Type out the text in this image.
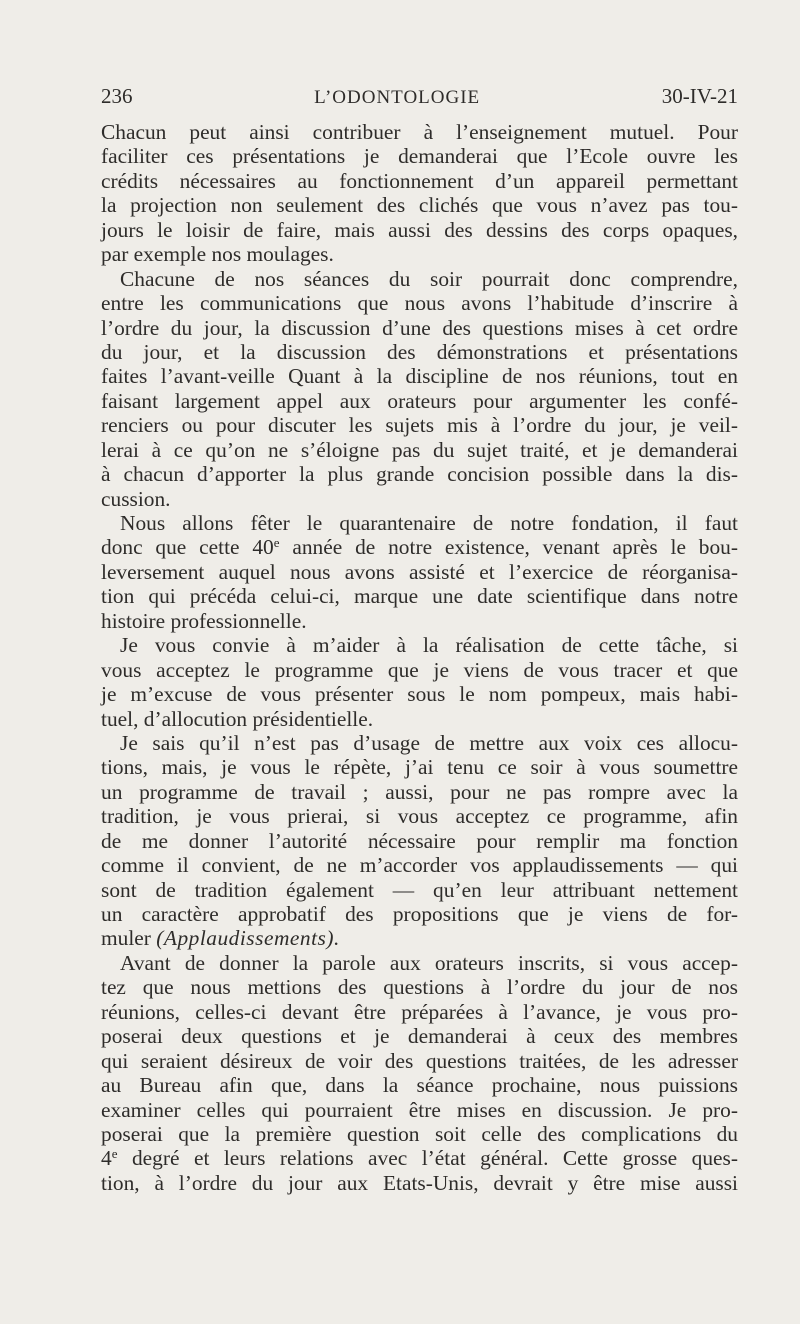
236	L’ODONTOLOGIE	30-IV-21
Chacun peut ainsi contribuer à l’enseignement mutuel. Pour
faciliter ces présentations je demanderai que l’Ecole ouvre les
crédits nécessaires au fonctionnement d’un appareil permettant
la projection non seulement des clichés que vous n’avez pas tou-
jours le loisir de faire, mais aussi des dessins des corps opaques,
par exemple nos moulages.
Chacune de nos séances du soir pourrait donc comprendre,
entre les communications que nous avons l’habitude d’inscrire à
l’ordre du jour, la discussion d’une des questions mises à cet ordre
du jour, et la discussion des démonstrations et présentations
faites l’avant-veille Quant à la discipline de nos réunions, tout en
faisant largement appel aux orateurs pour argumenter les confé-
renciers ou pour discuter les sujets mis à l’ordre du jour, je veil-
lerai à ce qu’on ne s’éloigne pas du sujet traité, et je demanderai
à chacun d’apporter la plus grande concision possible dans la dis-
cussion.
Nous allons fêter le quarantenaire de notre fondation, il faut
donc que cette 40e année de notre existence, venant après le bou-
leversement auquel nous avons assisté et l’exercice de réorganisa-
tion qui précéda celui-ci, marque une date scientifique dans notre
histoire professionnelle.
Je vous convie à m’aider à la réalisation de cette tâche, si
vous acceptez le programme que je viens de vous tracer et que
je m’excuse de vous présenter sous le nom pompeux, mais habi-
tuel, d’allocution présidentielle.
Je sais qu’il n’est pas d’usage de mettre aux voix ces allocu-
tions, mais, je vous le répète, j’ai tenu ce soir à vous soumettre
un programme de travail ; aussi, pour ne pas rompre avec la
tradition, je vous prierai, si vous acceptez ce programme, afin
de me donner l’autorité nécessaire pour remplir ma fonction
comme il convient, de ne m’accorder vos applaudissements — qui
sont de tradition également — qu’en leur attribuant nettement
un caractère approbatif des propositions que je viens de for-
muler (Applaudissements).
Avant de donner la parole aux orateurs inscrits, si vous accep-
tez que nous mettions des questions à l’ordre du jour de nos
réunions, celles-ci devant être préparées à l’avance, je vous pro-
poserai deux questions et je demanderai à ceux des membres
qui seraient désireux de voir des questions traitées, de les adresser
au Bureau afin que, dans la séance prochaine, nous puissions
examiner celles qui pourraient être mises en discussion. Je pro-
poserai que la première question soit celle des complications du
4e degré et leurs relations avec l’état général. Cette grosse ques-
tion, à l’ordre du jour aux Etats-Unis, devrait y être mise aussi
